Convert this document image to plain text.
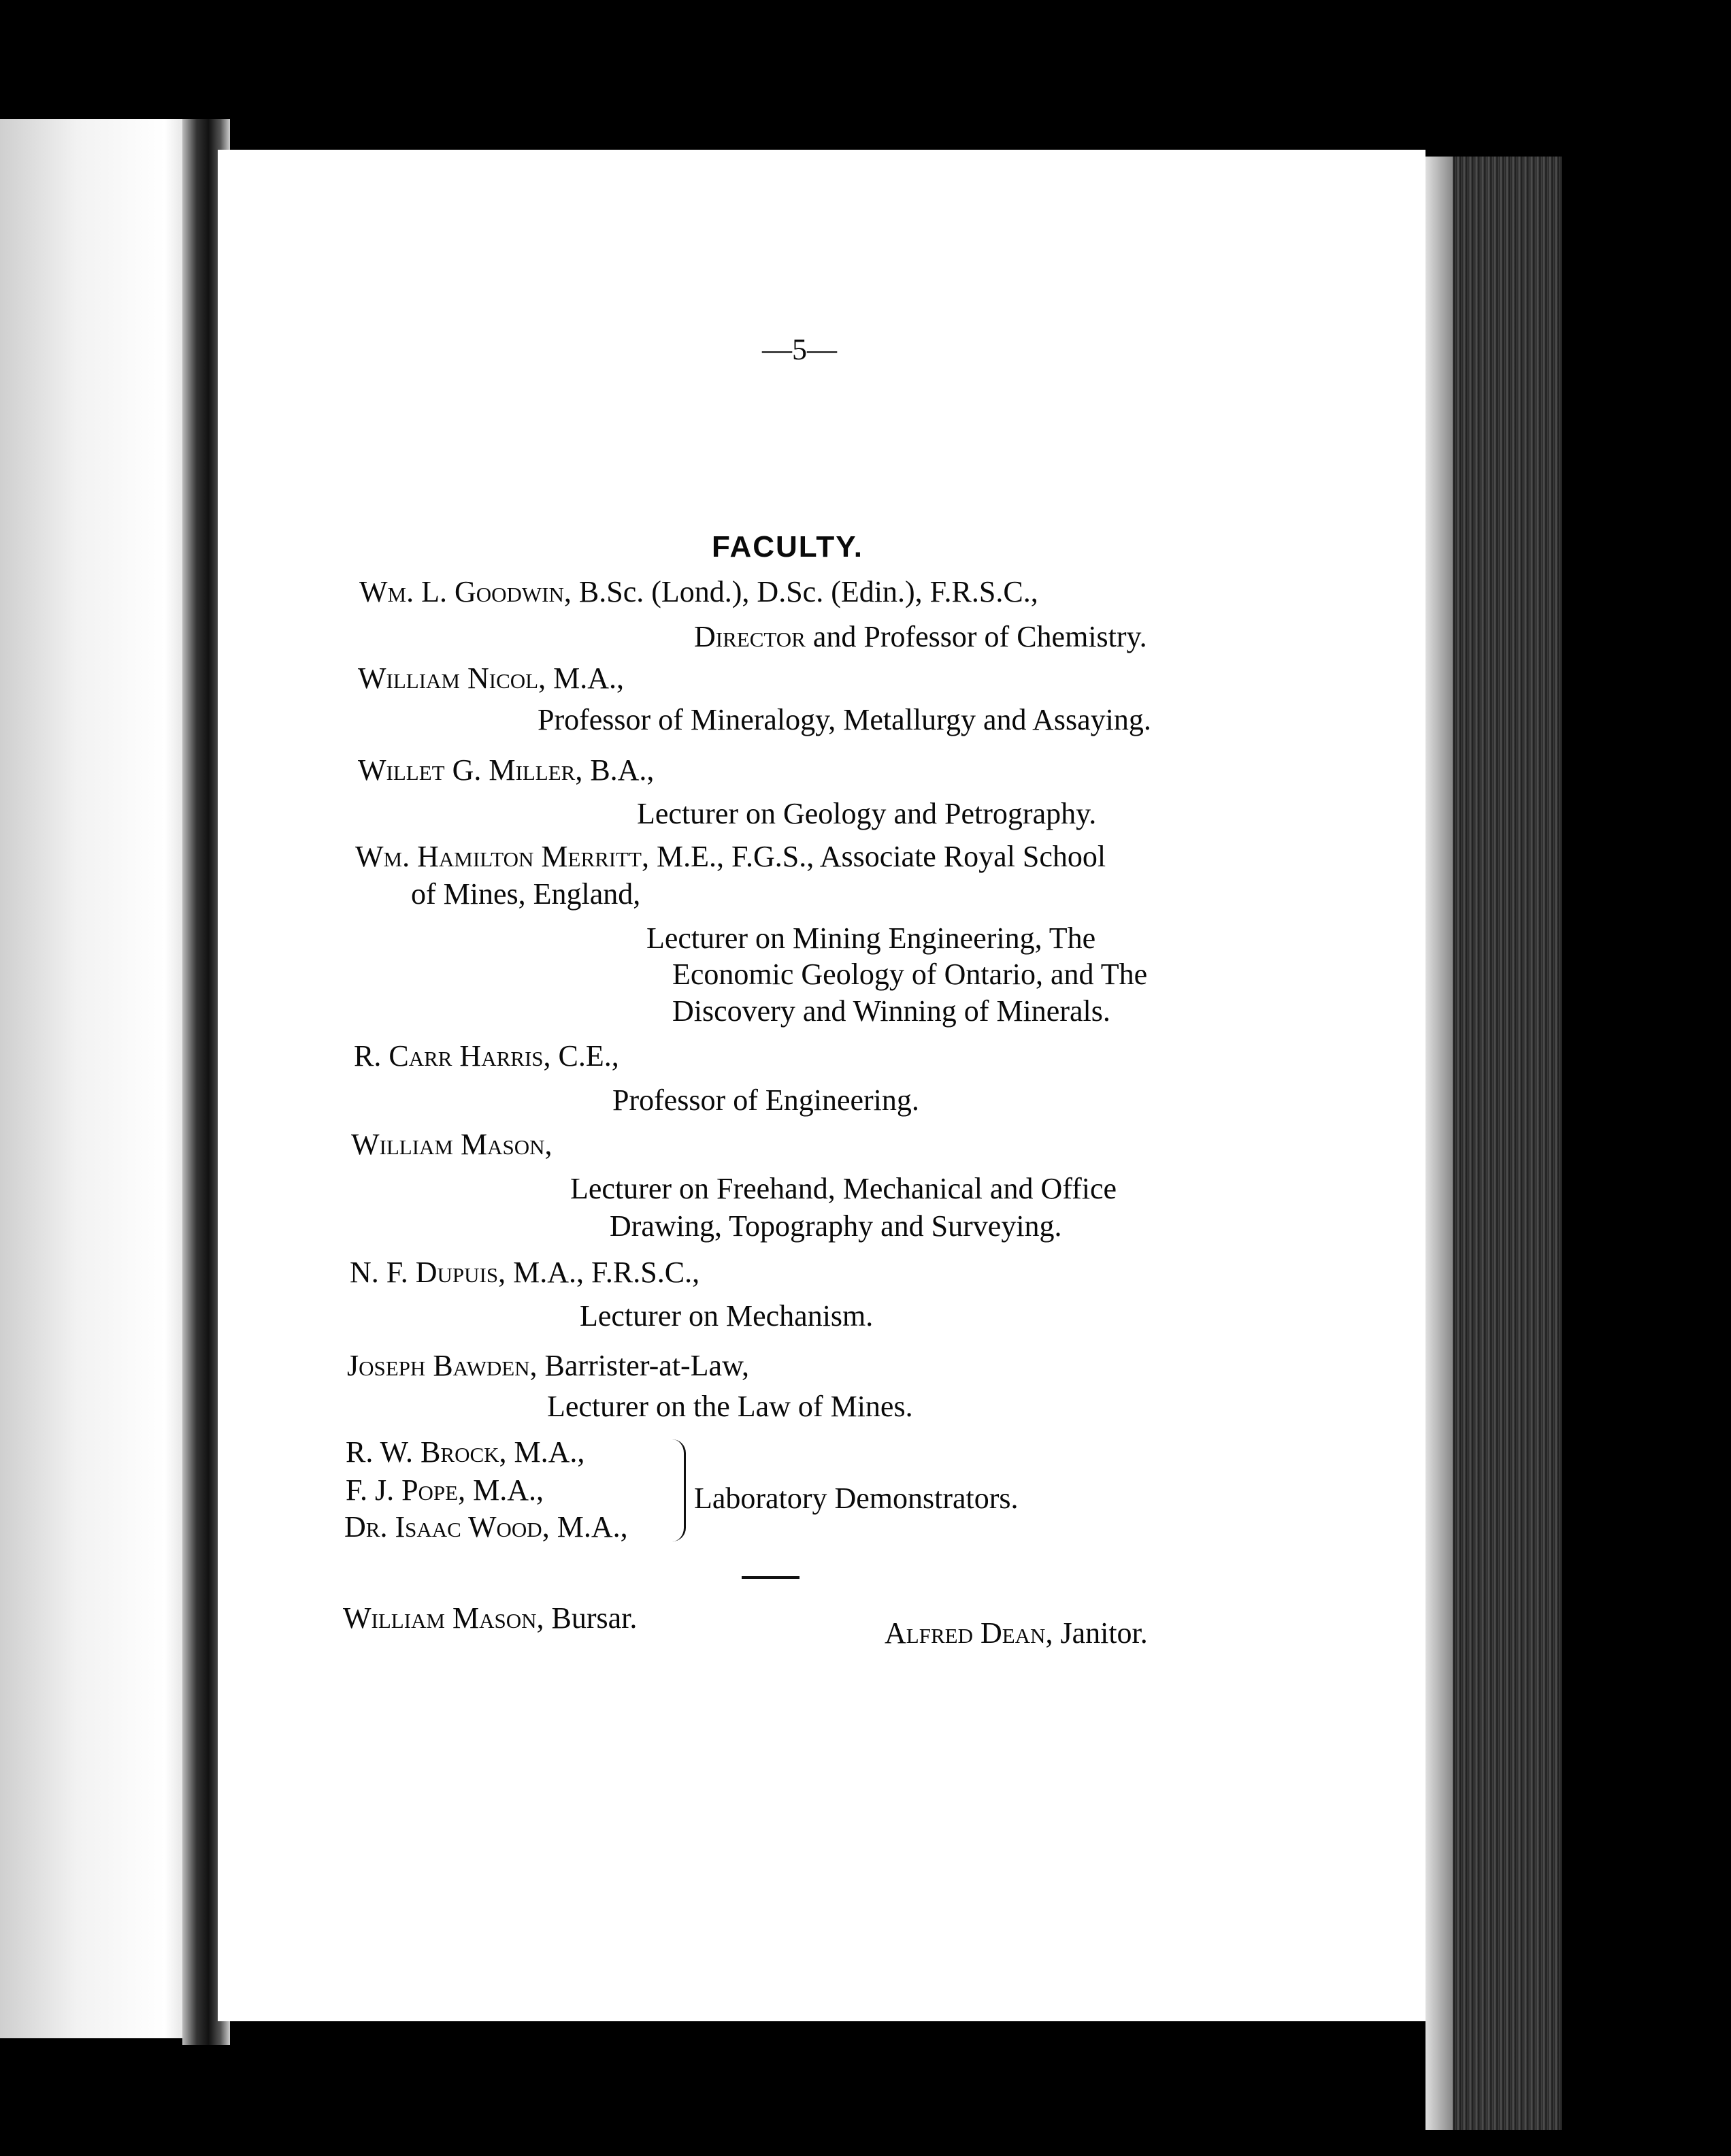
—5—
FACULTY.
Wm. L. Goodwin, B.Sc. (Lond.), D.Sc. (Edin.), F.R.S.C.,
Director and Professor of Chemistry.
William Nicol, M.A.,
Professor of Mineralogy, Metallurgy and Assaying.
Willet G. Miller, B.A.,
Lecturer on Geology and Petrography.
Wm. Hamilton Merritt, M.E., F.G.S., Associate Royal School
of Mines, England,
Lecturer on Mining Engineering, The
Economic Geology of Ontario, and The
Discovery and Winning of Minerals.
R. Carr Harris, C.E.,
Professor of Engineering.
William Mason,
Lecturer on Freehand, Mechanical and Office
Drawing, Topography and Surveying.
N. F. Dupuis, M.A., F.R.S.C.,
Lecturer on Mechanism.
Joseph Bawden, Barrister-at-Law,
Lecturer on the Law of Mines.
R. W. Brock, M.A.,
F. J. Pope, M.A.,
Dr. Isaac Wood, M.A.,
Laboratory Demonstrators.
William Mason, Bursar.	Alfred Dean, Janitor.
